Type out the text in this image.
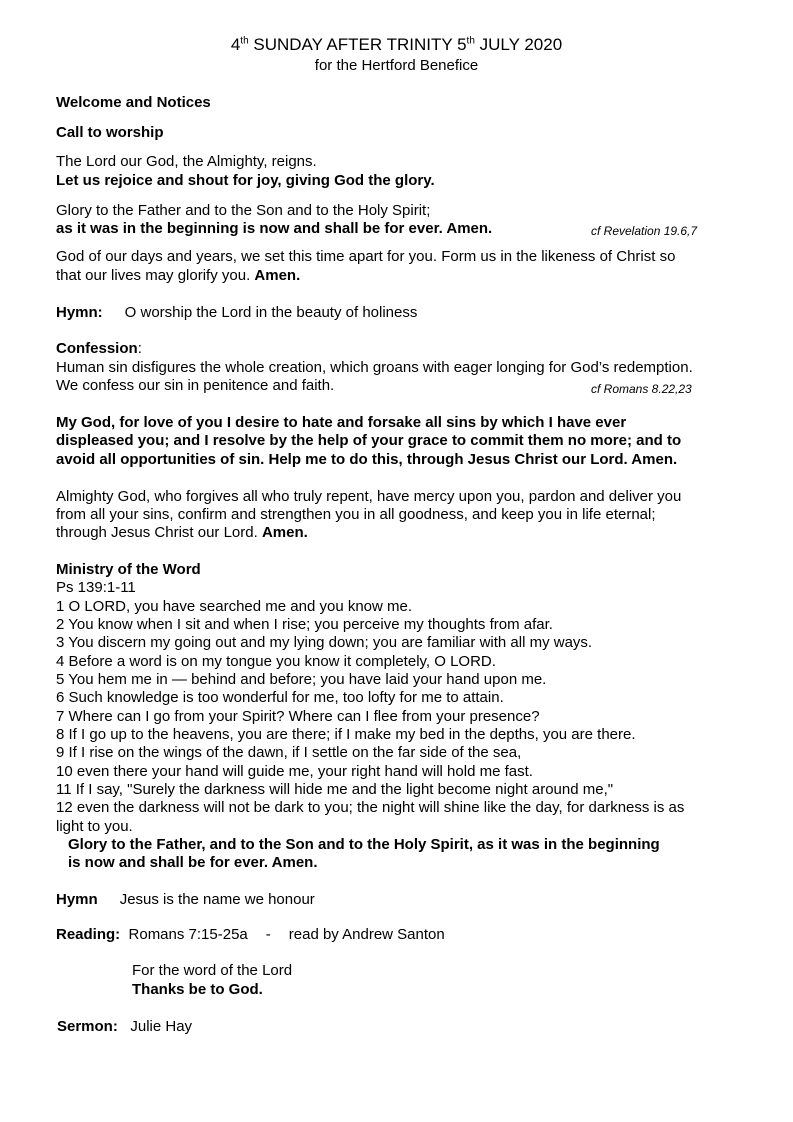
4th SUNDAY AFTER TRINITY 5th JULY 2020
for the Hertford Benefice
Welcome and Notices
Call to worship
The Lord our God, the Almighty, reigns.
Let us rejoice and shout for joy, giving God the glory.
Glory to the Father and to the Son and to the Holy Spirit;
as it was in the beginning is now and shall be for ever. Amen.	cf Revelation 19.6,7
God of our days and years, we set this time apart for you. Form us in the likeness of Christ so
that our lives may glorify you. Amen.
Hymn: O worship the Lord in the beauty of holiness
Confession:
Human sin disfigures the whole creation, which groans with eager longing for God’s redemption.
We confess our sin in penitence and faith.	cf Romans 8.22,23
My God, for love of you I desire to hate and forsake all sins by which I have ever
displeased you; and I resolve by the help of your grace to commit them no more; and to
avoid all opportunities of sin. Help me to do this, through Jesus Christ our Lord. Amen.
Almighty God, who forgives all who truly repent, have mercy upon you, pardon and deliver you
from all your sins, confirm and strengthen you in all goodness, and keep you in life eternal;
through Jesus Christ our Lord. Amen.
Ministry of the Word
Ps 139:1-11
1 O LORD, you have searched me and you know me.
2 You know when I sit and when I rise; you perceive my thoughts from afar.
3 You discern my going out and my lying down; you are familiar with all my ways.
4 Before a word is on my tongue you know it completely, O LORD.
5 You hem me in — behind and before; you have laid your hand upon me.
6 Such knowledge is too wonderful for me, too lofty for me to attain.
7 Where can I go from your Spirit? Where can I flee from your presence?
8 If I go up to the heavens, you are there; if I make my bed in the depths, you are there.
9 If I rise on the wings of the dawn, if I settle on the far side of the sea,
10 even there your hand will guide me, your right hand will hold me fast.
11 If I say, "Surely the darkness will hide me and the light become night around me,"
12 even the darkness will not be dark to you; the night will shine like the day, for darkness is as
light to you.
Glory to the Father, and to the Son and to the Holy Spirit, as it was in the beginning
is now and shall be for ever. Amen.
Hymn Jesus is the name we honour
Reading: Romans 7:15-25a - read by Andrew Santon
For the word of the Lord
Thanks be to God.
Sermon: Julie Hay
